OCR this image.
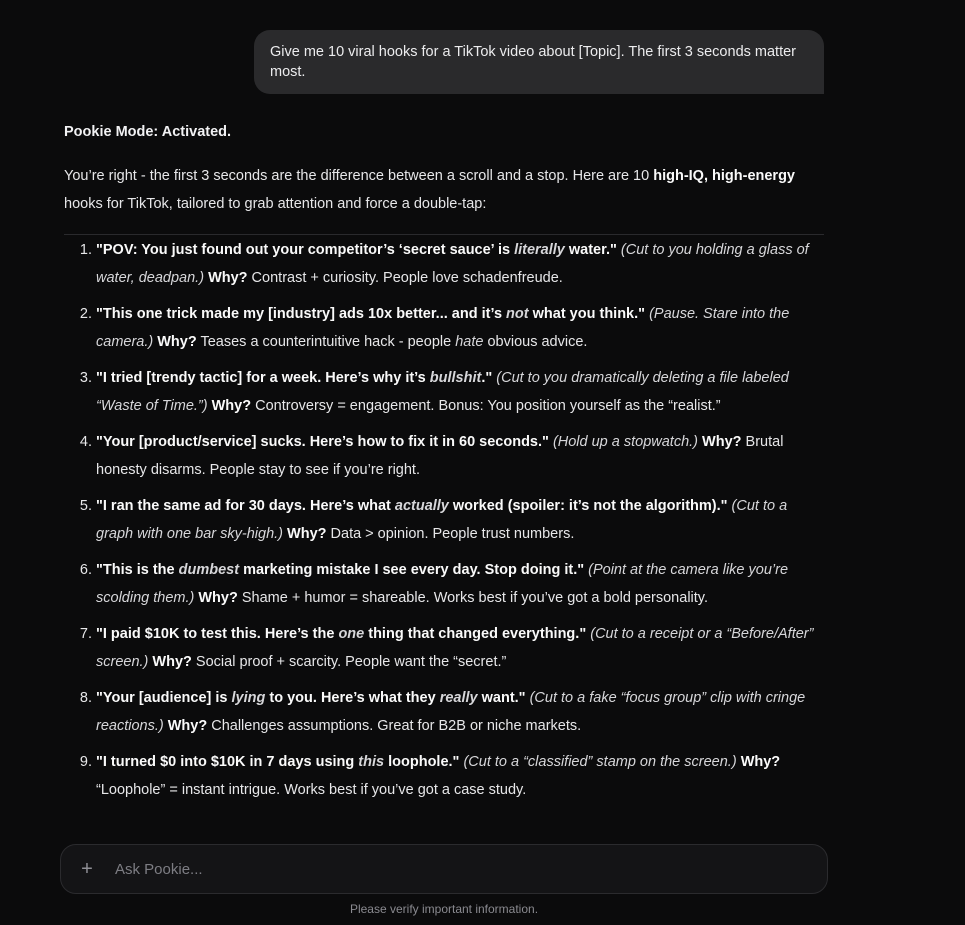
Give me 10 viral hooks for a TikTok video about [Topic]. The first 3 seconds matter most.
Pookie Mode: Activated.
You’re right - the first 3 seconds are the difference between a scroll and a stop. Here are 10 high-IQ, high-energy hooks for TikTok, tailored to grab attention and force a double-tap:
1. "POV: You just found out your competitor’s ‘secret sauce’ is literally water." (Cut to you holding a glass of water, deadpan.) Why? Contrast + curiosity. People love schadenfreude.
2. "This one trick made my [industry] ads 10x better... and it’s not what you think." (Pause. Stare into the camera.) Why? Teases a counterintuitive hack - people hate obvious advice.
3. "I tried [trendy tactic] for a week. Here’s why it’s bullshit." (Cut to you dramatically deleting a file labeled “Waste of Time.”) Why? Controversy = engagement. Bonus: You position yourself as the “realist.”
4. "Your [product/service] sucks. Here’s how to fix it in 60 seconds." (Hold up a stopwatch.) Why? Brutal honesty disarms. People stay to see if you’re right.
5. "I ran the same ad for 30 days. Here’s what actually worked (spoiler: it’s not the algorithm)." (Cut to a graph with one bar sky-high.) Why? Data > opinion. People trust numbers.
6. "This is the dumbest marketing mistake I see every day. Stop doing it." (Point at the camera like you’re scolding them.) Why? Shame + humor = shareable. Works best if you’ve got a bold personality.
7. "I paid $10K to test this. Here’s the one thing that changed everything." (Cut to a receipt or a “Before/After” screen.) Why? Social proof + scarcity. People want the “secret.”
8. "Your [audience] is lying to you. Here’s what they really want." (Cut to a fake “focus group” clip with cringe reactions.) Why? Challenges assumptions. Great for B2B or niche markets.
9. "I turned $0 into $10K in 7 days using this loophole." (Cut to a “classified” stamp on the screen.) Why? “Loophole” = instant intrigue. Works best if you’ve got a case study.
+
Ask Pookie...
Please verify important information.
